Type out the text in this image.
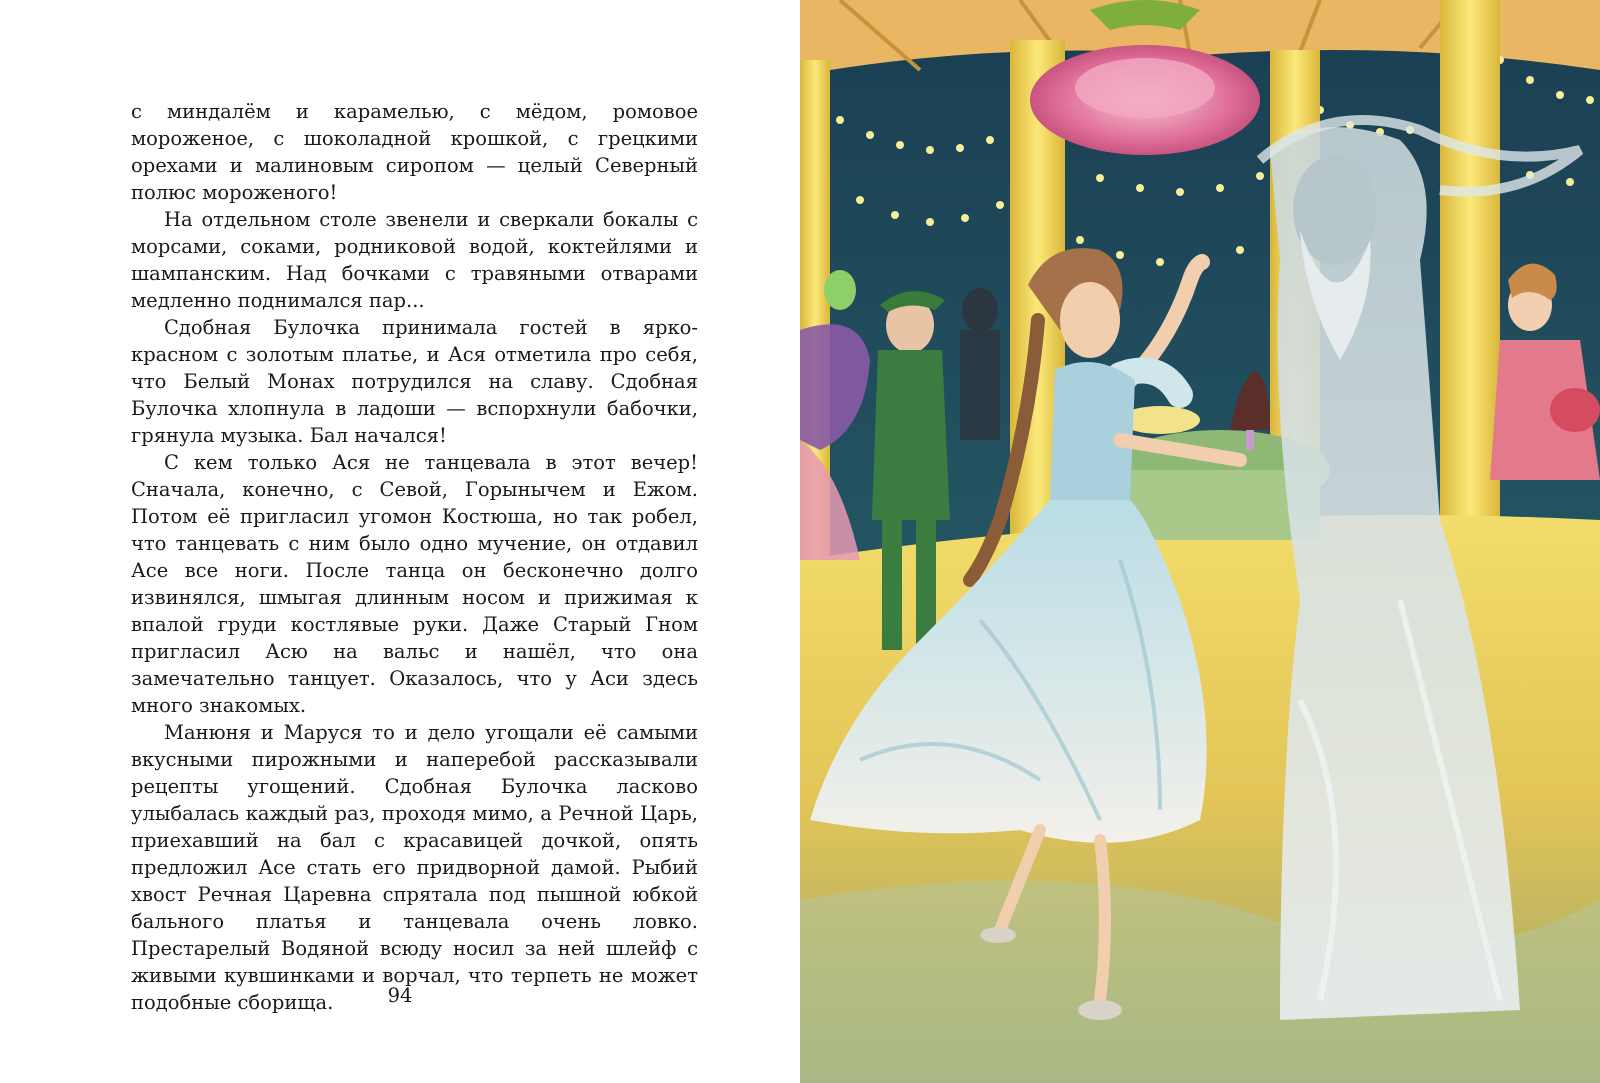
с миндалём и карамелью, с мёдом, ромовое мороженое, с шоколадной крошкой, с грецкими орехами и малиновым сиропом — целый Северный полюс мороженого!

На отдельном столе звенели и сверкали бокалы с морсами, соками, родниковой водой, коктейлями и шампанским. Над бочками с травяными отварами медленно поднимался пар...

Сдобная Булочка принимала гостей в ярко-красном с золотым платье, и Ася отметила про себя, что Белый Монах потрудился на славу. Сдобная Булочка хлопнула в ладоши — вспорхнули бабочки, грянула музыка. Бал начался!

С кем только Ася не танцевала в этот вечер! Сначала, конечно, с Севой, Горынычем и Ежом. Потом её пригласил угомон Костюша, но так робел, что танцевать с ним было одно мучение, он отдавил Асе все ноги. После танца он бесконечно долго извинялся, шмыгая длинным носом и прижимая к впалой груди костлявые руки. Даже Старый Гном пригласил Асю на вальс и нашёл, что она замечательно танцует. Оказалось, что у Аси здесь много знакомых.

Манюня и Маруся то и дело угощали её самыми вкусными пирожными и наперебой рассказывали рецепты угощений. Сдобная Булочка ласково улыбалась каждый раз, проходя мимо, а Речной Царь, приехавший на бал с красавицей дочкой, опять предложил Асе стать его придворной дамой. Рыбий хвост Речная Царевна спрятала под пышной юбкой бального платья и танцевала очень ловко. Престарелый Водяной всюду носил за ней шлейф с живыми кувшинками и ворчал, что терпеть не может подобные сборища.	94
